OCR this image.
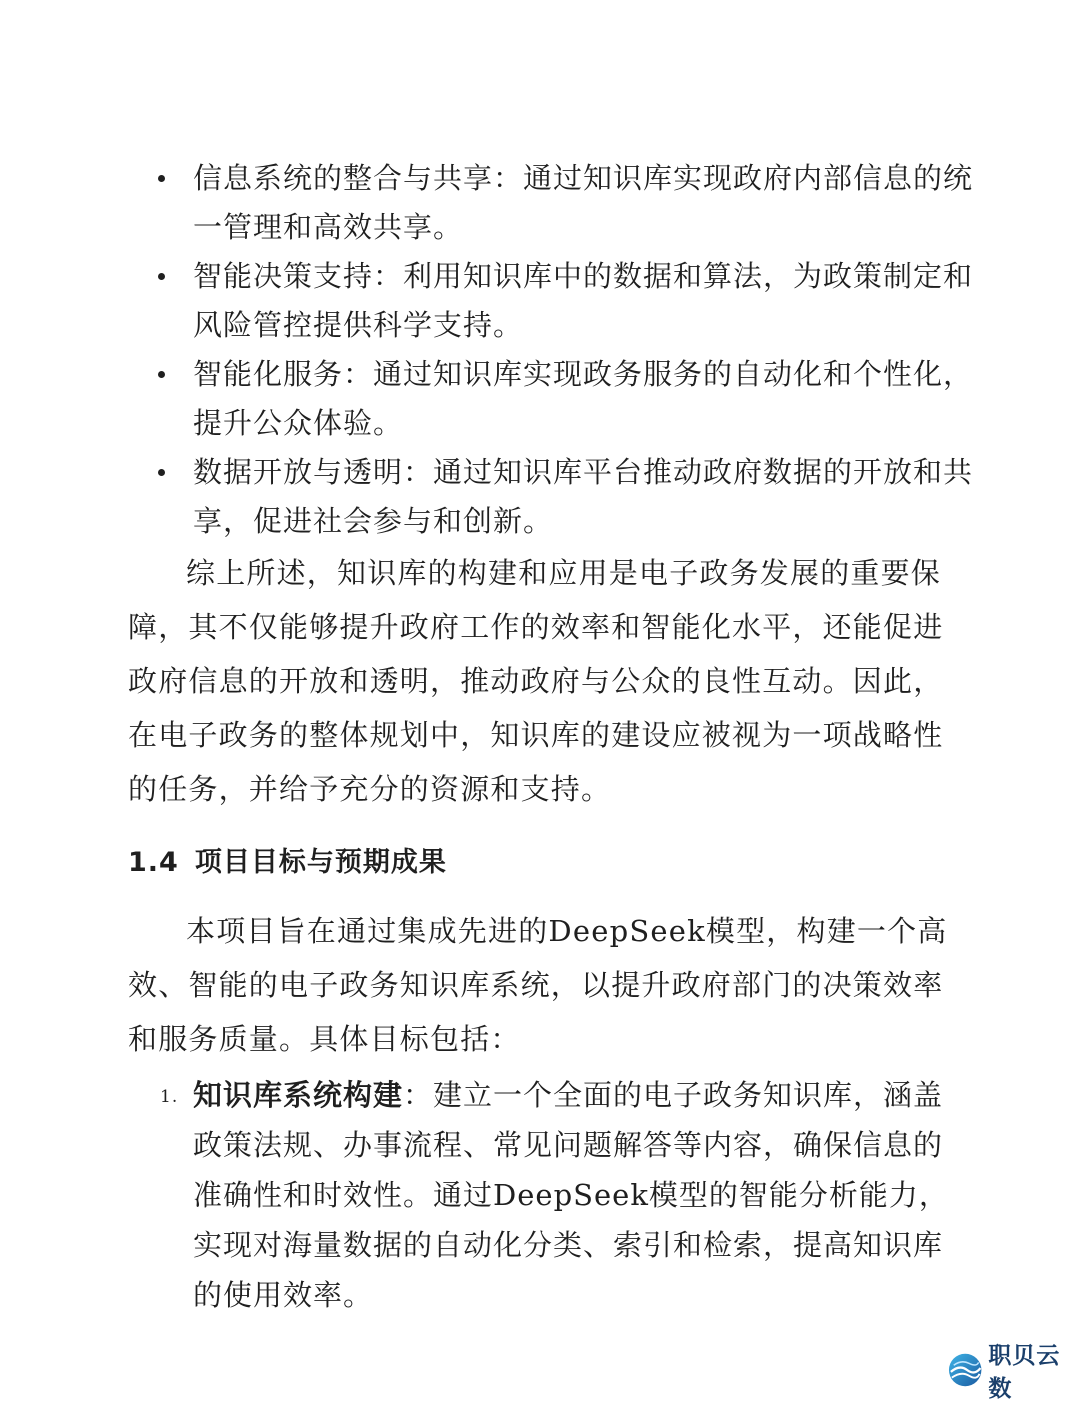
信息系统的整合与共享：通过知识库实现政府内部信息的统一管理和高效共享。
智能决策支持：利用知识库中的数据和算法，为政策制定和风险管控提供科学支持。
智能化服务：通过知识库实现政务服务的自动化和个性化，提升公众体验。
数据开放与透明：通过知识库平台推动政府数据的开放和共享，促进社会参与和创新。

综上所述，知识库的构建和应用是电子政务发展的重要保障，其不仅能够提升政府工作的效率和智能化水平，还能促进政府信息的开放和透明，推动政府与公众的良性互动。因此，在电子政务的整体规划中，知识库的建设应被视为一项战略性的任务，并给予充分的资源和支持。

1.4 项目目标与预期成果

本项目旨在通过集成先进的DeepSeek模型，构建一个高效、智能的电子政务知识库系统，以提升政府部门的决策效率和服务质量。具体目标包括：

1. 知识库系统构建：建立一个全面的电子政务知识库，涵盖政策法规、办事流程、常见问题解答等内容，确保信息的准确性和时效性。通过DeepSeek模型的智能分析能力，实现对海量数据的自动化分类、索引和检索，提高知识库的使用效率。
职贝云数
